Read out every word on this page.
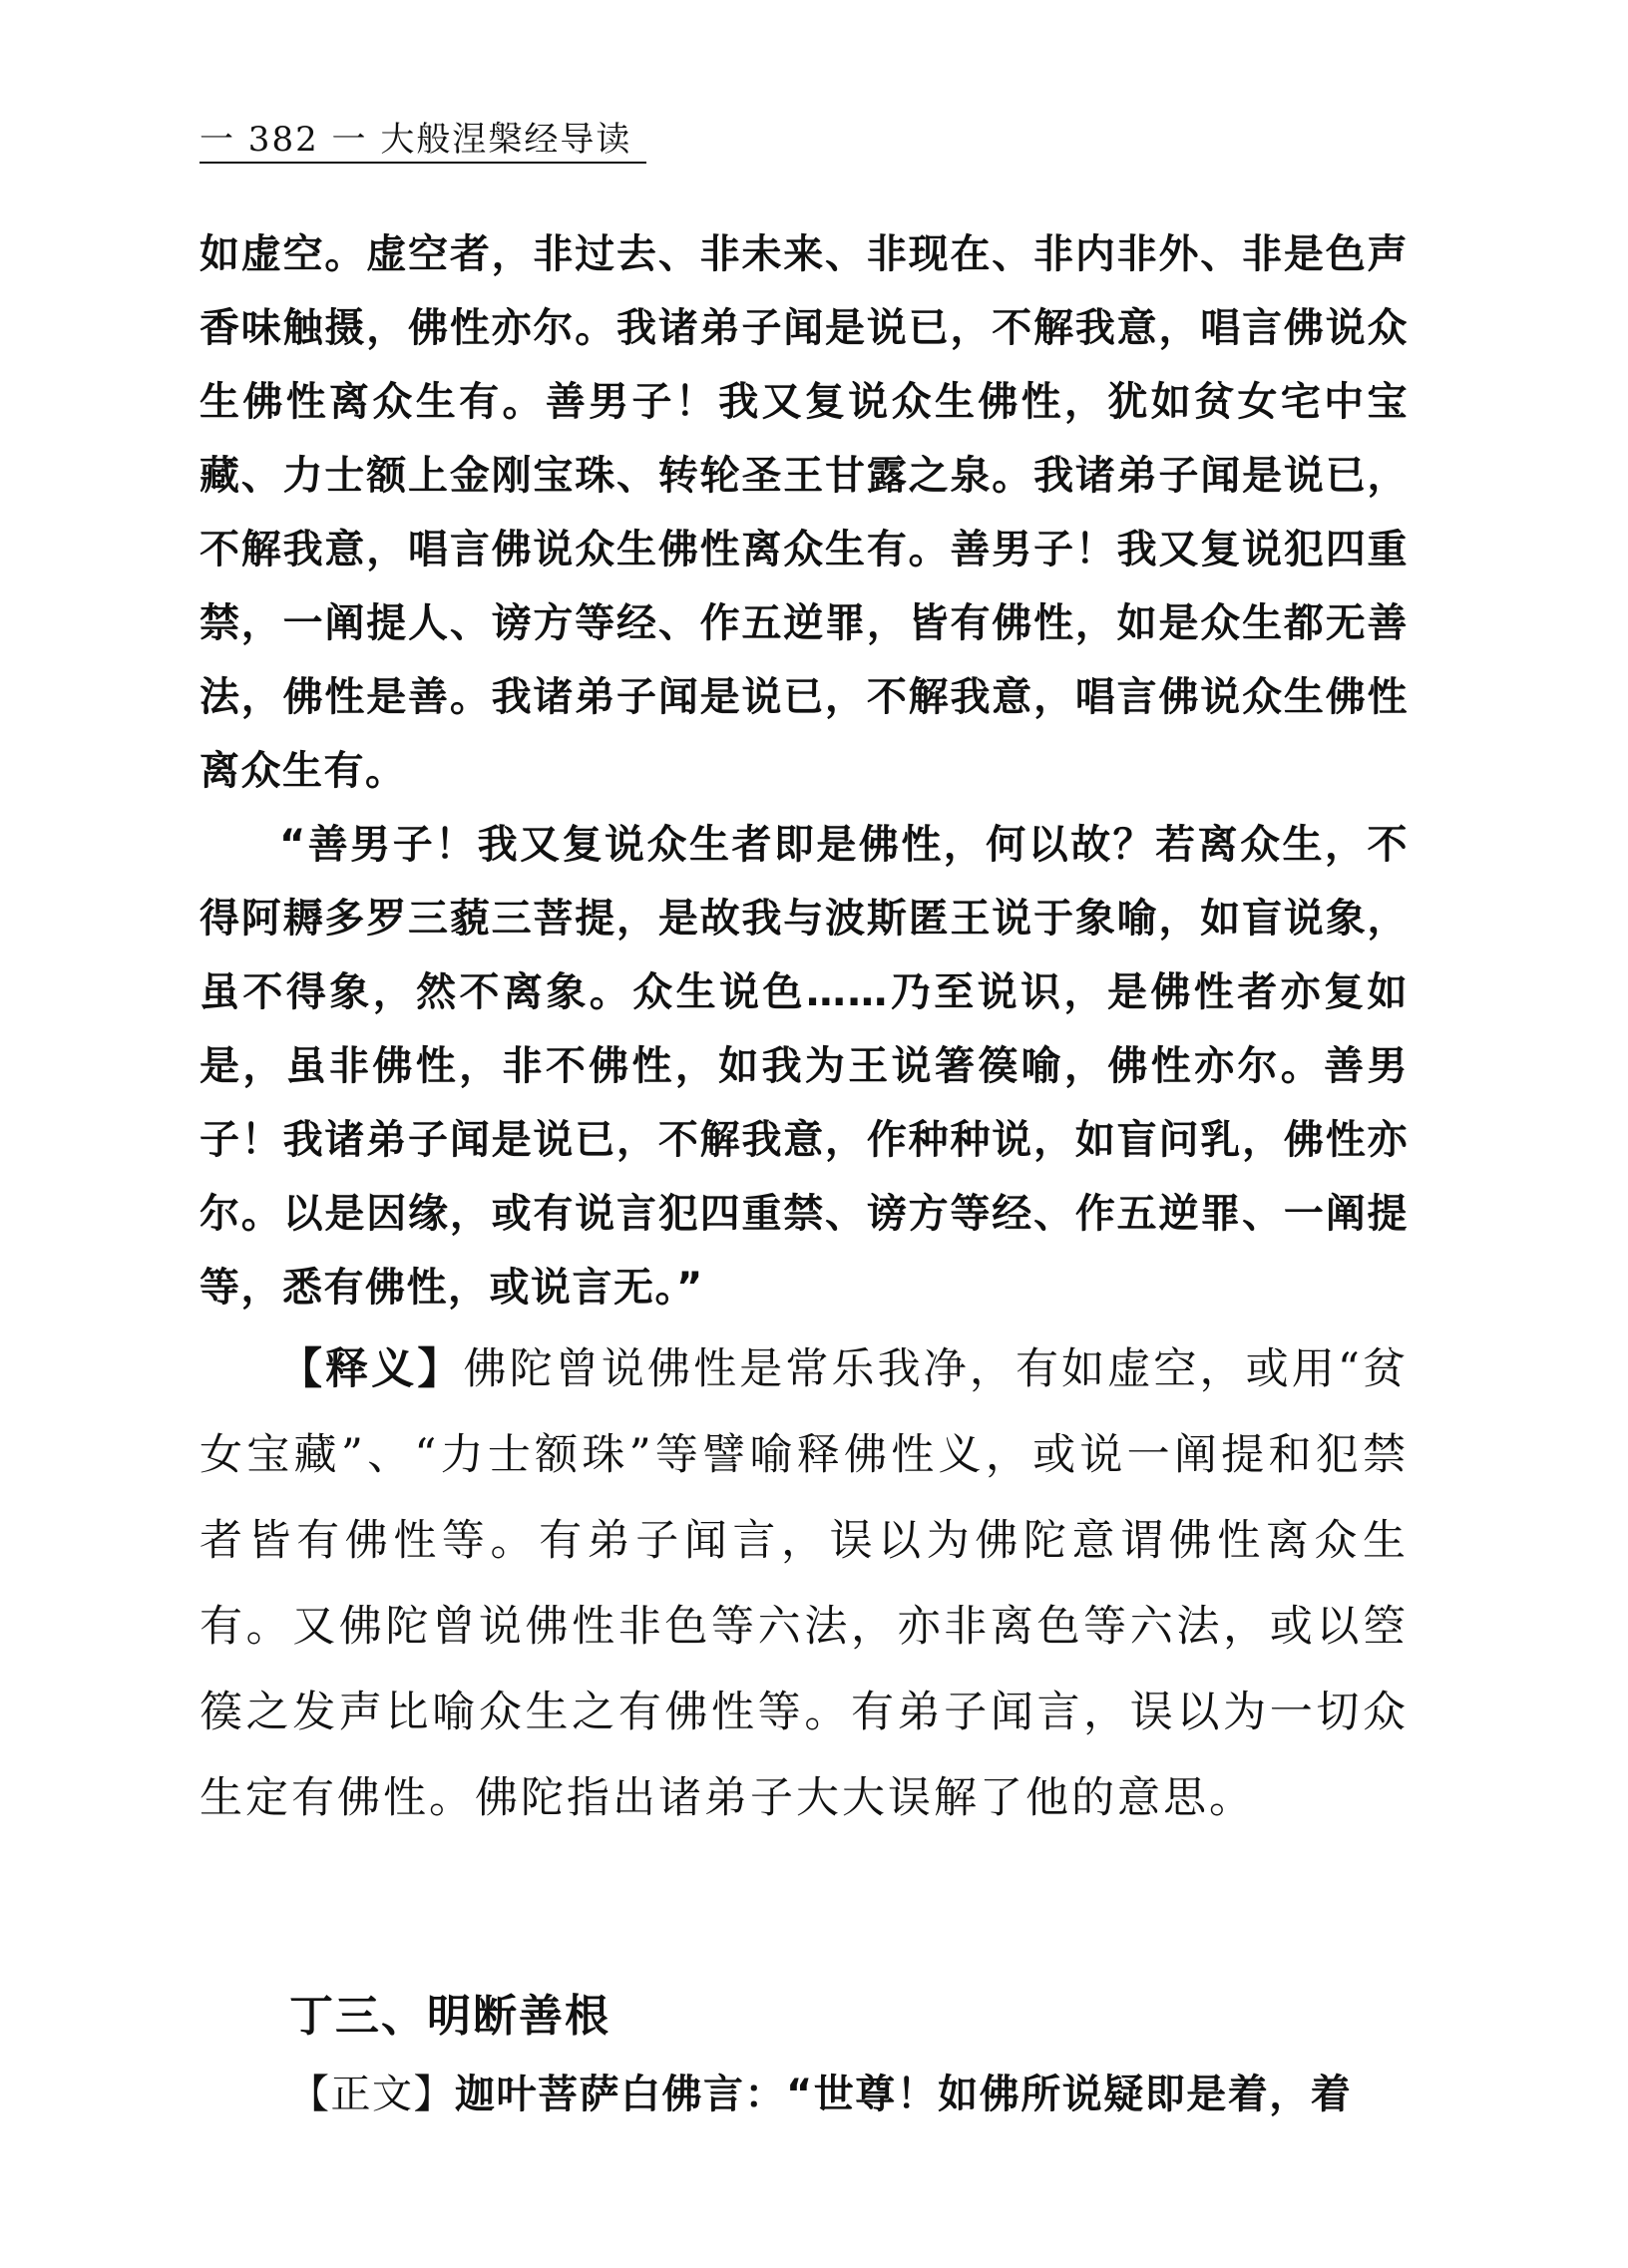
一 382 一 大般涅槃经导读

如虚空。虚空者，非过去、非未来、非现在、非内非外、非是色声香味触摄，佛性亦尔。我诸弟子闻是说已，不解我意，唱言佛说众生佛性离众生有。善男子！我又复说众生佛性，犹如贫女宅中宝藏、力士额上金刚宝珠、转轮圣王甘露之泉。我诸弟子闻是说已，不解我意，唱言佛说众生佛性离众生有。善男子！我又复说犯四重禁，一阐提人、谤方等经、作五逆罪，皆有佛性，如是众生都无善法，佛性是善。我诸弟子闻是说已，不解我意，唱言佛说众生佛性离众生有。

“善男子！我又复说众生者即是佛性，何以故？若离众生，不得阿耨多罗三藐三菩提，是故我与波斯匿王说于象喻，如盲说象，虽不得象，然不离象。众生说色……乃至说识，是佛性者亦复如是，虽非佛性，非不佛性，如我为王说箸篌喻，佛性亦尔。善男子！我诸弟子闻是说已，不解我意，作种种说，如盲问乳，佛性亦尔。以是因缘，或有说言犯四重禁、谤方等经、作五逆罪、一阐提等，悉有佛性，或说言无。”

【释义】佛陀曾说佛性是常乐我净，有如虚空，或用“贫女宝藏”、“力士额珠”等譬喻释佛性义，或说一阐提和犯禁者皆有佛性等。有弟子闻言，误以为佛陀意谓佛性离众生有。又佛陀曾说佛性非色等六法，亦非离色等六法，或以箜篌之发声比喻众生之有佛性等。有弟子闻言，误以为一切众生定有佛性。佛陀指出诸弟子大大误解了他的意思。

丁三、明断善根
【正文】迦叶菩萨白佛言：“世尊！如佛所说疑即是着，着
